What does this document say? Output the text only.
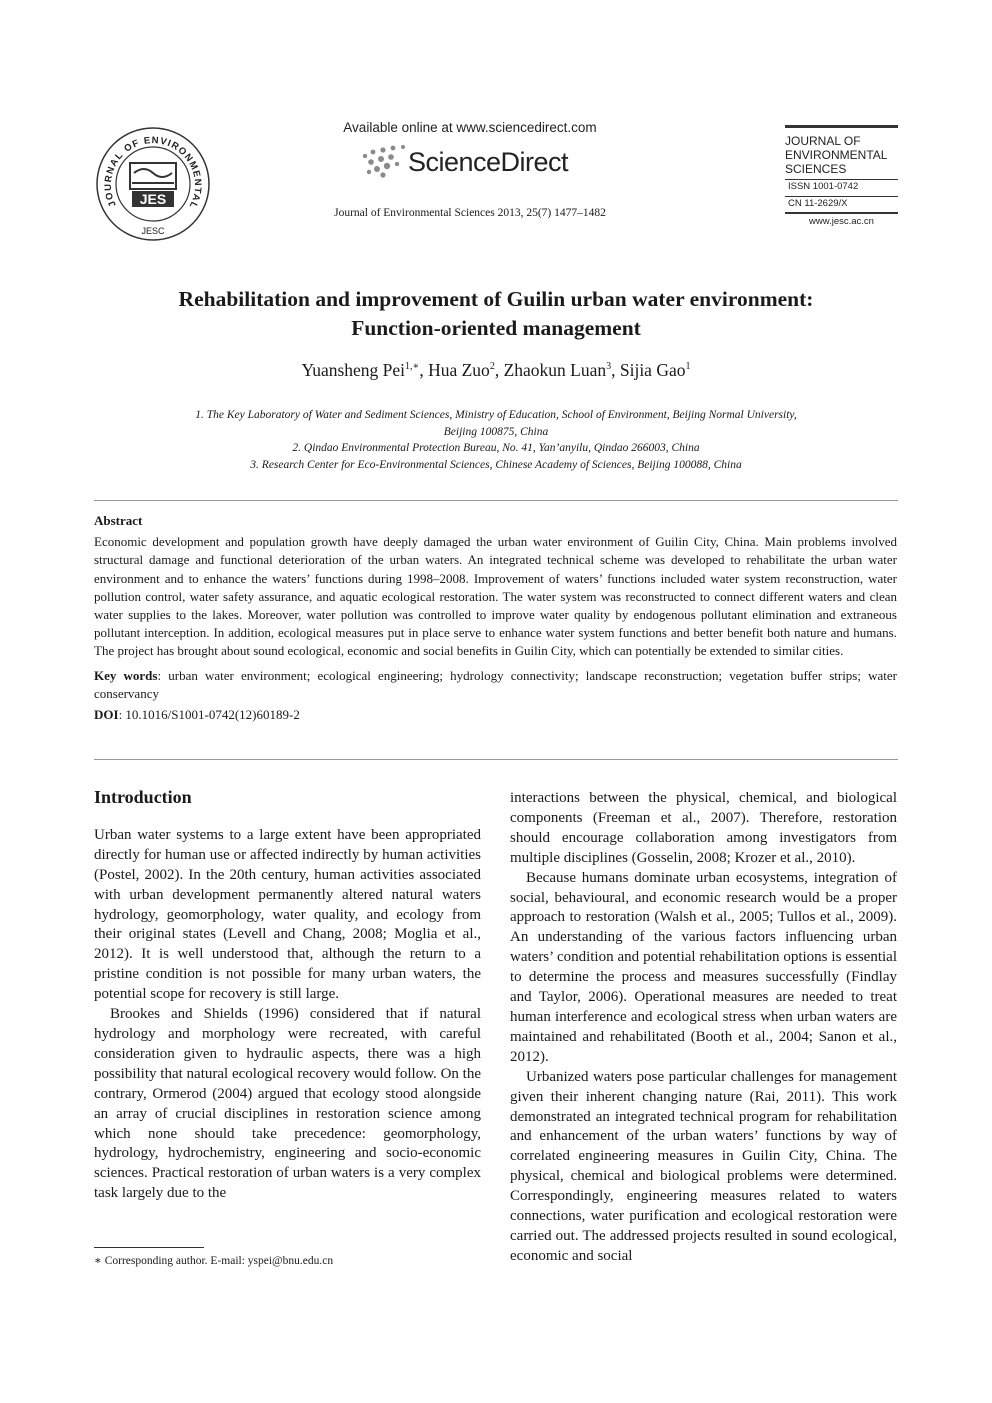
JOURNAL OF ENVIRONMENTAL
JES
JESC
Available online at www.sciencedirect.com
ScienceDirect
Journal of Environmental Sciences 2013, 25(7) 1477–1482
JOURNAL OF
ENVIRONMENTAL
SCIENCES
ISSN 1001-0742
CN 11-2629/X
www.jesc.ac.cn
Rehabilitation and improvement of Guilin urban water environment:
Function-oriented management
Yuansheng Pei$^{1,∗}$, Hua Zuo$^2$, Zhaokun Luan$^3$, Sijia Gao$^1$
1. The Key Laboratory of Water and Sediment Sciences, Ministry of Education, School of Environment, Beijing Normal University,
Beijing 100875, China
2. Qindao Environmental Protection Bureau, No. 41, Yan’anyilu, Qindao 266003, China
3. Research Center for Eco-Environmental Sciences, Chinese Academy of Sciences, Beijing 100088, China
Abstract
Economic development and population growth have deeply damaged the urban water environment of Guilin City, China. Main problems involved structural damage and functional deterioration of the urban waters. An integrated technical scheme was developed to rehabilitate the urban water environment and to enhance the waters’ functions during 1998–2008. Improvement of waters’ functions included water system reconstruction, water pollution control, water safety assurance, and aquatic ecological restoration. The water system was reconstructed to connect different waters and clean water supplies to the lakes. Moreover, water pollution was controlled to improve water quality by endogenous pollutant elimination and extraneous pollutant interception. In addition, ecological measures put in place serve to enhance water system functions and better benefit both nature and humans. The project has brought about sound ecological, economic and social benefits in Guilin City, which can potentially be extended to similar cities.
Key words: urban water environment; ecological engineering; hydrology connectivity; landscape reconstruction; vegetation buffer strips; water conservancy
DOI: 10.1016/S1001-0742(12)60189-2
Introduction

Urban water systems to a large extent have been appropriated directly for human use or affected indirectly by human activities (Postel, 2002). In the 20th century, human activities associated with urban development permanently altered natural waters hydrology, geomorphology, water quality, and ecology from their original states (Levell and Chang, 2008; Moglia et al., 2012). It is well understood that, although the return to a pristine condition is not possible for many urban waters, the potential scope for recovery is still large.

Brookes and Shields (1996) considered that if natural hydrology and morphology were recreated, with careful consideration given to hydraulic aspects, there was a high possibility that natural ecological recovery would follow. On the contrary, Ormerod (2004) argued that ecology stood alongside an array of crucial disciplines in restoration science among which none should take precedence: geomorphology, hydrology, hydrochemistry, engineering and socio-economic sciences. Practical restoration of urban waters is a very complex task largely due to the

interactions between the physical, chemical, and biological components (Freeman et al., 2007). Therefore, restoration should encourage collaboration among investigators from multiple disciplines (Gosselin, 2008; Krozer et al., 2010).

Because humans dominate urban ecosystems, integration of social, behavioural, and economic research would be a proper approach to restoration (Walsh et al., 2005; Tullos et al., 2009). An understanding of the various factors influencing urban waters’ condition and potential rehabilitation options is essential to determine the process and measures successfully (Findlay and Taylor, 2006). Operational measures are needed to treat human interference and ecological stress when urban waters are maintained and rehabilitated (Booth et al., 2004; Sanon et al., 2012).

Urbanized waters pose particular challenges for management given their inherent changing nature (Rai, 2011). This work demonstrated an integrated technical program for rehabilitation and enhancement of the urban waters’ functions by way of correlated engineering measures in Guilin City, China. The physical, chemical and biological problems were determined. Correspondingly, engineering measures related to waters connections, water purification and ecological restoration were carried out. The addressed projects resulted in sound ecological, economic and social

∗ Corresponding author. E-mail: yspei@bnu.edu.cn
